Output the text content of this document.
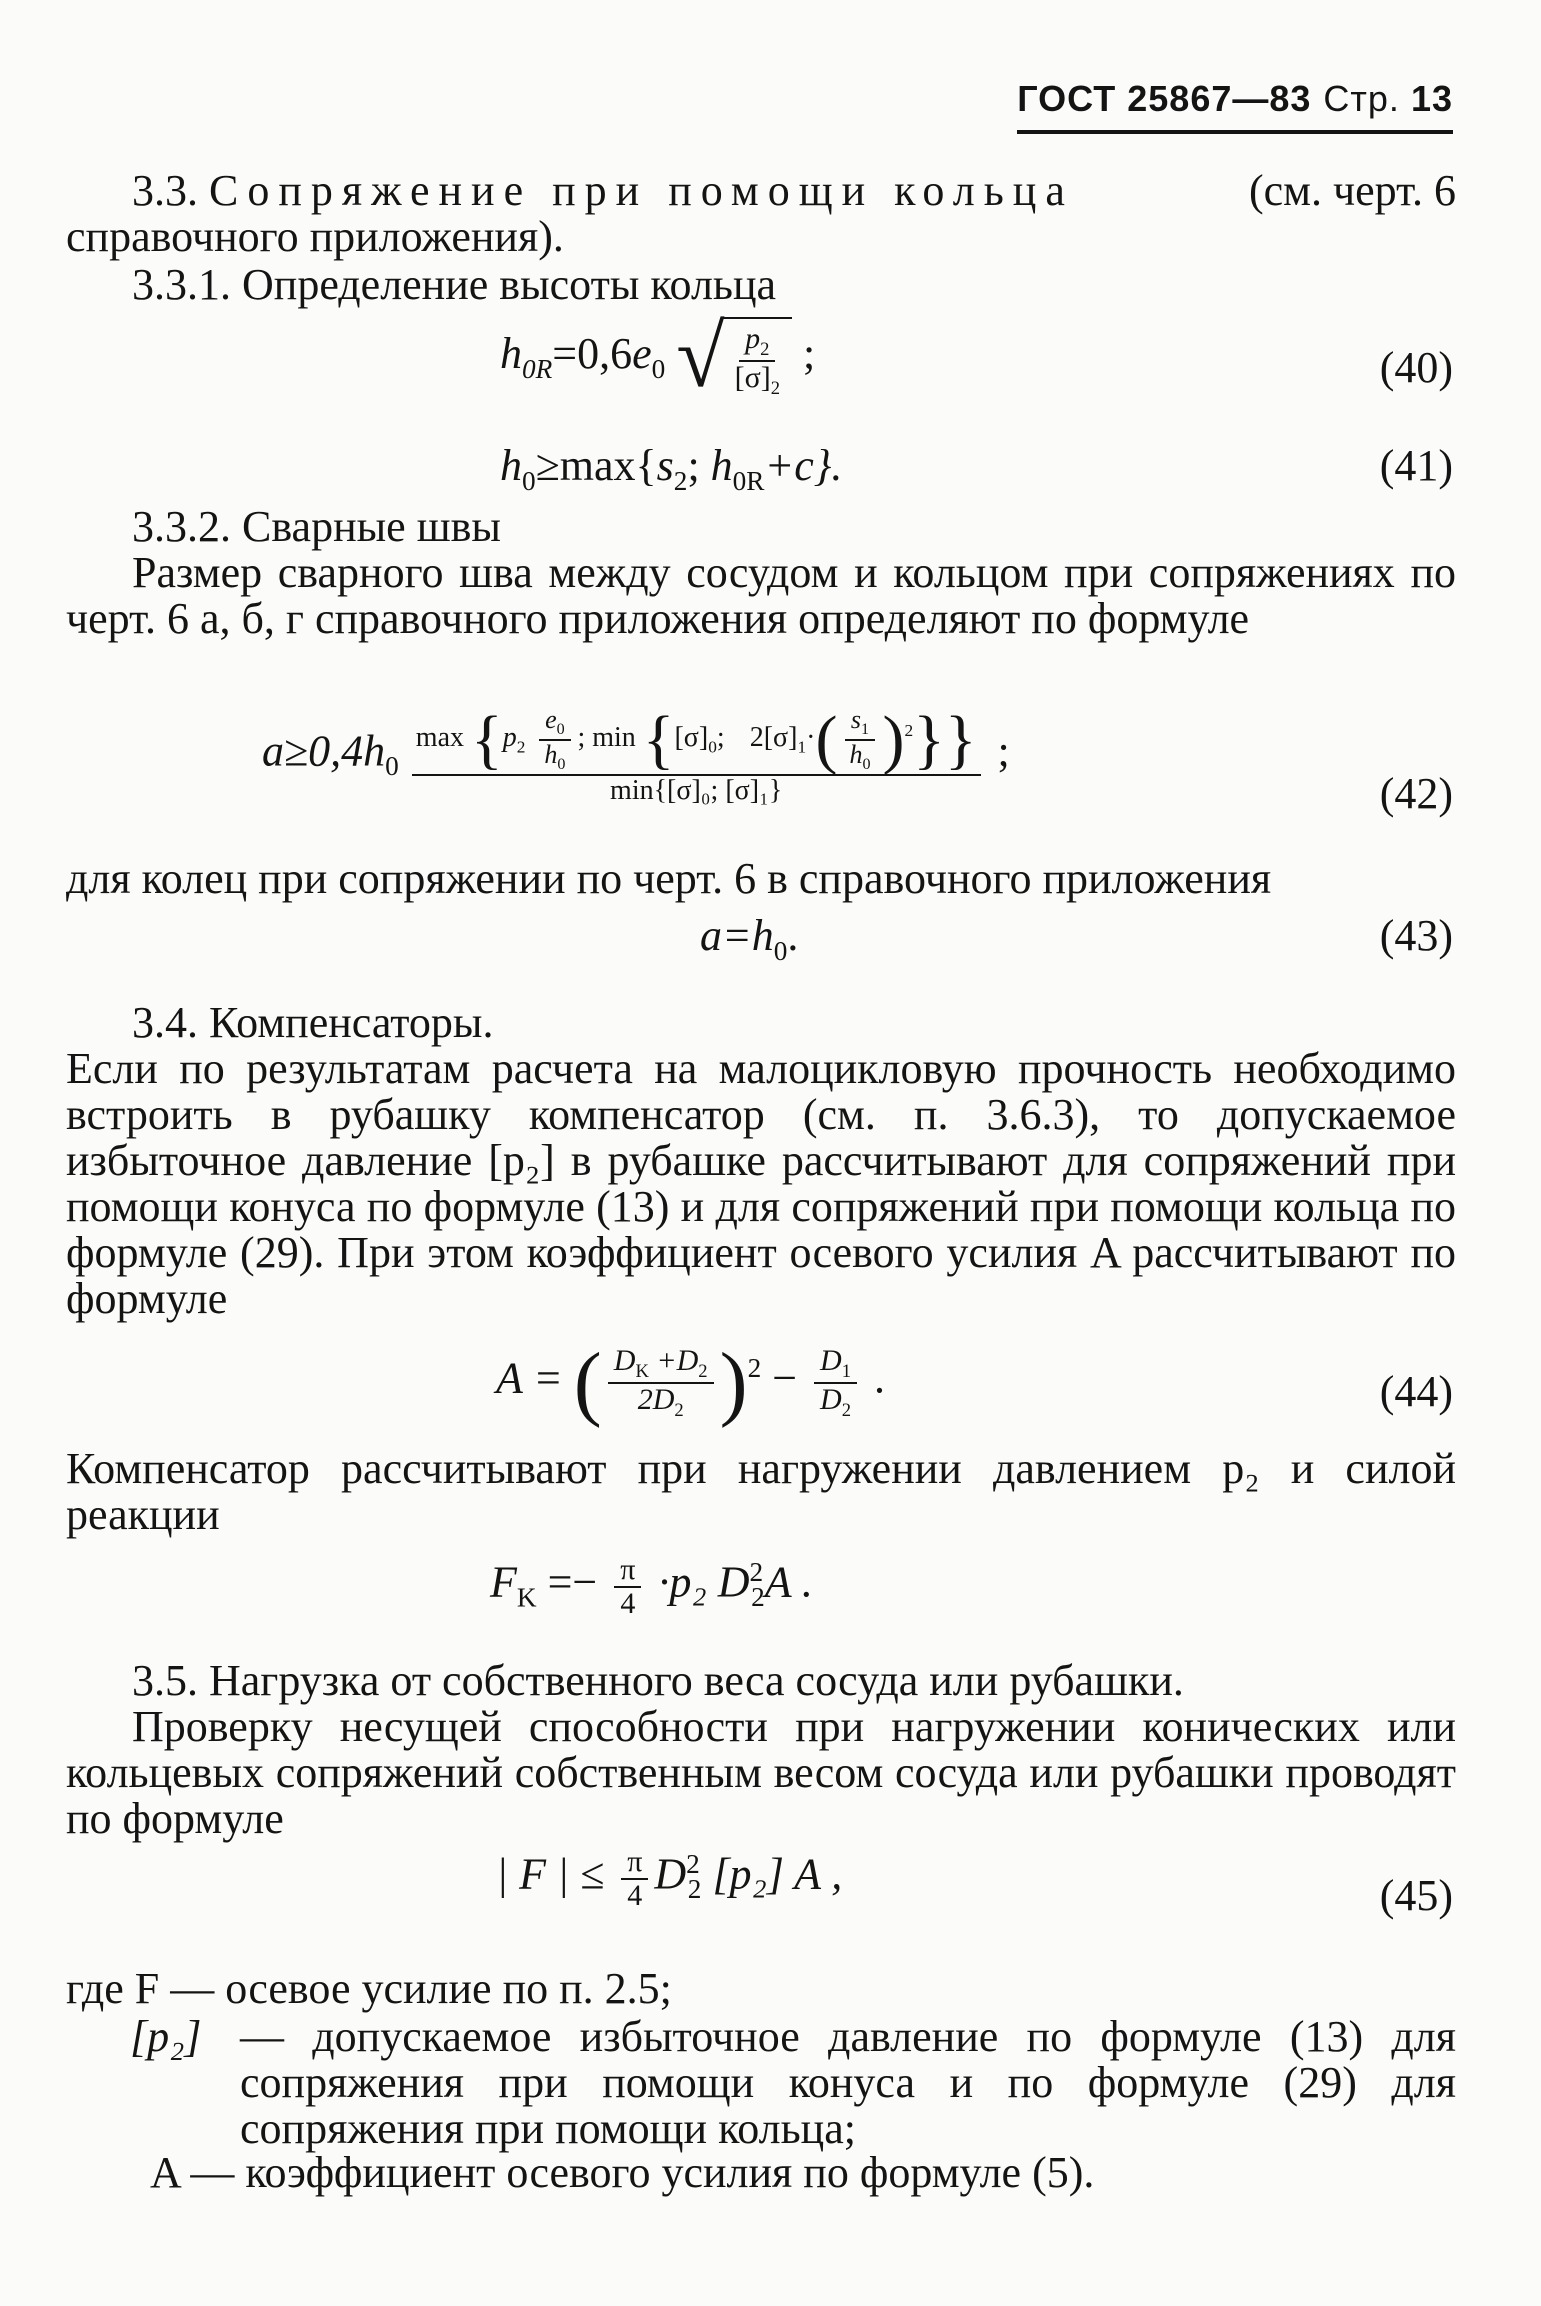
ГОСТ 25867—83 Стр. 13
3.3. Сопряжение при помощи кольца	(см. черт. 6
справочного приложения).
3.3.1. Определение высоты кольца
$h_{0R}=0,6e_0$ √ $\frac{p_2}{[\sigma]_2}$ ;	(40)
$h_0\ge\max\{s_2$; $h_{0R}+c$}.	(41)
3.3.2. Сварные швы
Размер сварного шва между сосудом и кольцом при сопряжениях по черт. 6 а, б, г справочного приложения определяют по формуле
$a\ge 0,4h_0$
$\max \{p_2 \frac{e_0}{h_0}$ ; $\min \{[\sigma]_0$; $2[\sigma]_1\cdot( \frac{s_1}{h_0} )^2$}}
min{[σ]₀; [σ]₁}
;
(42)
для колец при сопряжении по черт. 6 в справочного приложения
$a=h_0$.	(43)
3.4. Компенсаторы.
Если по результатам расчета на малоцикловую прочность необходимо встроить в рубашку компенсатор (см. п. 3.6.3), то допускаемое избыточное давление [p₂] в рубашке рассчитывают для сопряжений при помощи конуса по формуле (13) и для сопряжений при помощи кольца по формуле (29). При этом коэффициент осевого усилия A рассчитывают по формуле
A = ( $\frac{D_K +D_2}{2D_2} )^2 - \frac{D_1}{D_2}$ .	(44)
Компенсатор рассчитывают при нагружении давлением p₂ и силой реакции
$F_K =- \frac{\pi}{4} \cdot p_2$ $D^2_2A$ .
3.5. Нагрузка от собственного веса сосуда или рубашки.
Проверку несущей способности при нагружении конических или кольцевых сопряжений собственным весом сосуда или рубашки проводят по формуле
| F | ≤ $\frac{\pi}{4} D^2_2$ [p₂] A ,	(45)
где F — осевое усилие по п. 2.5;
[p₂] — допускаемое избыточное давление по формуле (13) для сопряжения при помощи конуса и по формуле (29) для сопряжения при помощи кольца;
A — коэффициент осевого усилия по формуле (5).
